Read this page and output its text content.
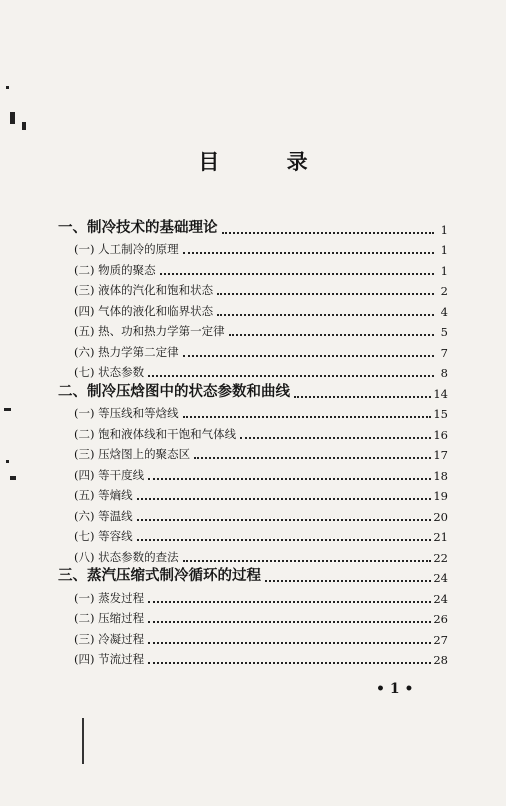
目 录
一、制冷技术的基础理论	1
(一) 人工制冷的原理	1
(二) 物质的聚态	1
(三) 液体的汽化和饱和状态	2
(四) 气体的液化和临界状态	4
(五) 热、功和热力学第一定律	5
(六) 热力学第二定律	7
(七) 状态参数	8
二、制冷压焓图中的状态参数和曲线	14
(一) 等压线和等焓线	15
(二) 饱和液体线和干饱和气体线	16
(三) 压焓图上的聚态区	17
(四) 等干度线	18
(五) 等熵线	19
(六) 等温线	20
(七) 等容线	21
(八) 状态参数的查法	22
三、蒸汽压缩式制冷循环的过程	24
(一) 蒸发过程	24
(二) 压缩过程	26
(三) 冷凝过程	27
(四) 节流过程	28
• 1 •
